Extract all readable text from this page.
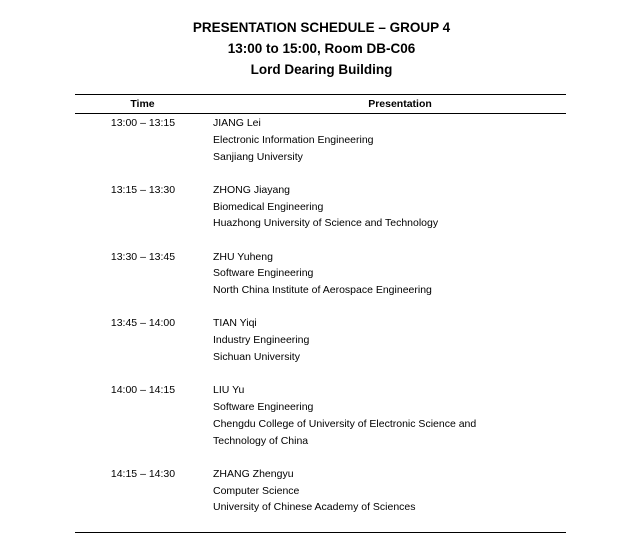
PRESENTATION SCHEDULE – GROUP 4
13:00 to 15:00, Room DB-C06
Lord Dearing Building
Time	Presentation
13:00 – 13:15	JIANG Lei
Electronic Information Engineering
Sanjiang University
13:15 – 13:30	ZHONG Jiayang
Biomedical Engineering
Huazhong University of Science and Technology
13:30 – 13:45	ZHU Yuheng
Software Engineering
North China Institute of Aerospace Engineering
13:45 – 14:00	TIAN Yiqi
Industry Engineering
Sichuan University
14:00 – 14:15	LIU Yu
Software Engineering
Chengdu College of University of Electronic Science and
Technology of China
14:15 – 14:30	ZHANG Zhengyu
Computer Science
University of Chinese Academy of Sciences
